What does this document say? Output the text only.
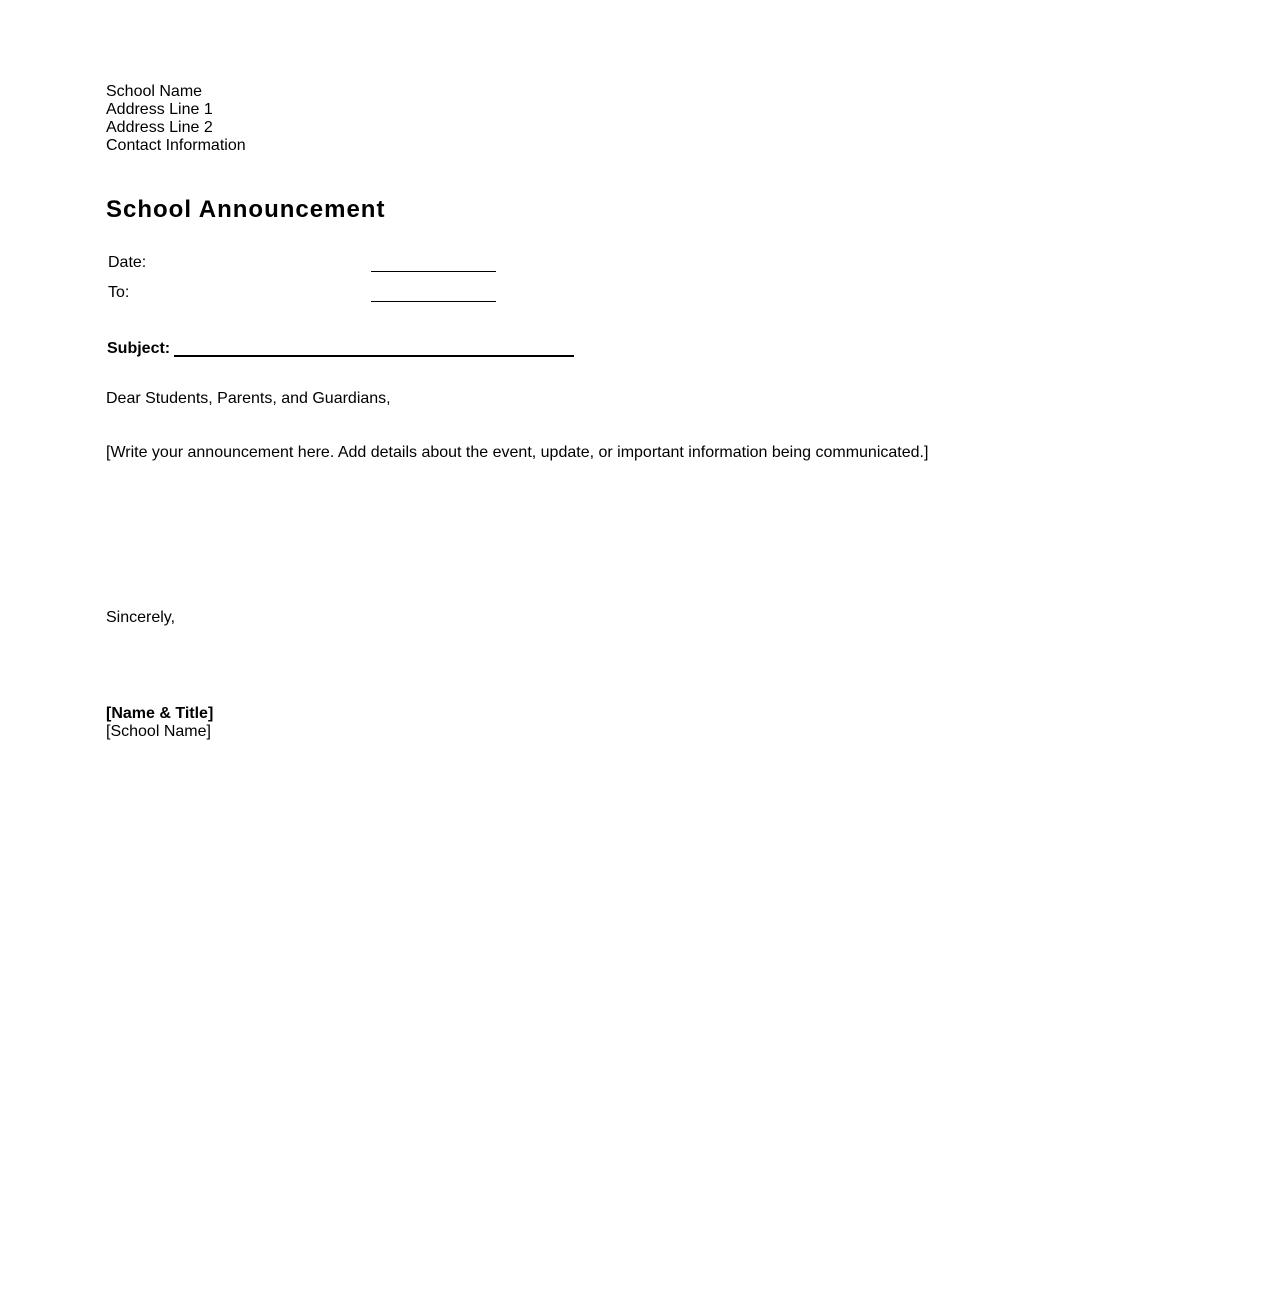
School Name
Address Line 1
Address Line 2
Contact Information
School Announcement
Date:
To:
Subject:
Dear Students, Parents, and Guardians,
[Write your announcement here. Add details about the event, update, or important information being communicated.]
Sincerely,
[Name & Title]
[School Name]
